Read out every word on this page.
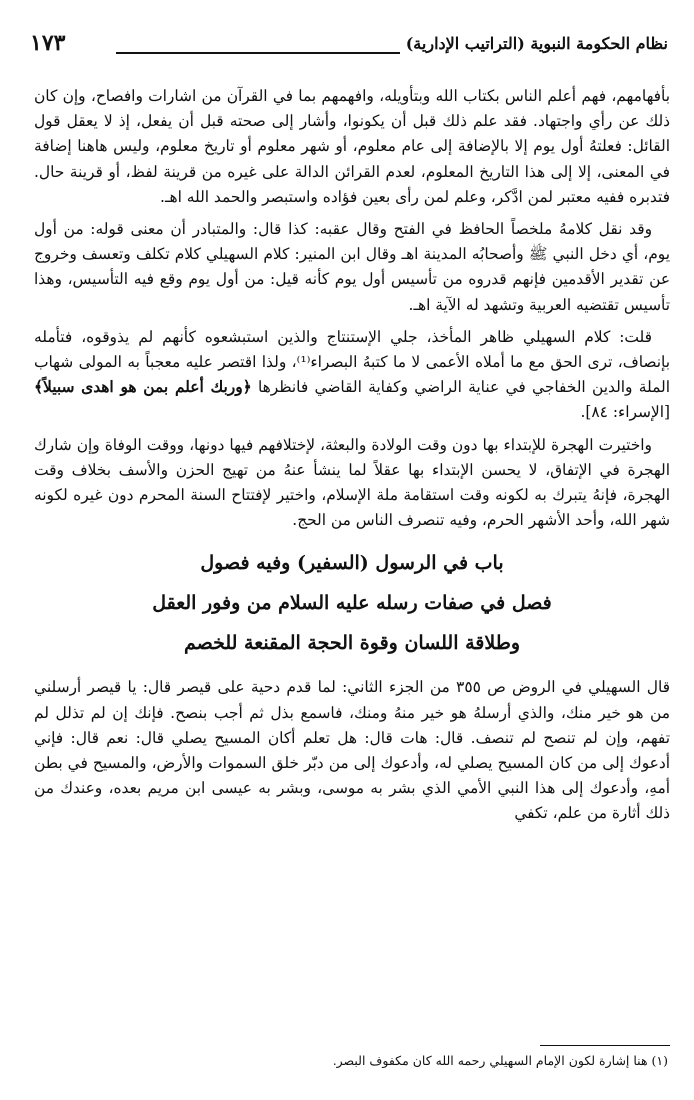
نظام الحكومة النبوية (التراتيب الإدارية)
١٧٣

بأفهامهم، فهم أعلم الناس بكتاب الله وبتأويله، وافهمهم بما في القرآن من اشارات وافصاح، وإن كان ذلك عن رأي واجتهاد. فقد علم ذلك قبل أن يكونوا، وأشار إلى صحته قبل أن يفعل، إذ لا يعقل قول القائل: فعلتهُ أول يوم إلا بالإضافة إلى عام معلوم، أو شهر معلوم أو تاريخ معلوم، وليس هاهنا إضافة في المعنى، إلا إلى هذا التاريخ المعلوم، لعدم القرائن الدالة على غيره من قرينة لفظ، أو قرينة حال. فتدبره ففيه معتبر لمن ادَّكر، وعلم لمن رأى بعين فؤاده واستبصر والحمد الله اهـ.

وقد نقل كلامهُ ملخصاً الحافظ في الفتح وقال عقبه: كذا قال: والمتبادر أن معنى قوله: من أول يوم، أي دخل النبي ﷺ وأصحابُه المدينة اهـ وقال ابن المنير: كلام السهيلي كلام تكلف وتعسف وخروج عن تقدير الأقدمين فإنهم قدروه من تأسيس أول يوم كأنه قيل: من أول يوم وقع فيه التأسيس، وهذا تأسيس تقتضيه العربية وتشهد له الآية اهـ.

قلت: كلام السهيلي ظاهر المأخذ، جلي الإستنتاج والذين استبشعوه كأنهم لم يذوقوه، فتأمله بإنصاف، ترى الحق مع ما أملاه الأعمى لا ما كتبهُ البصراء⁽¹⁾، ولذا اقتصر عليه معجباً به المولى شهاب الملة والدين الخفاجي في عناية الراضي وكفاية القاضي فانظرها ﴿وربك أعلم بمن هو اهدى سبيلاً﴾ [الإسراء: ٨٤].

واختيرت الهجرة للإبتداء بها دون وقت الولادة والبعثة، لإختلافهم فيها دونها، ووقت الوفاة وإن شارك الهجرة في الإتفاق، لا يحسن الإبتداء بها عقلاً لما ينشأ عنهُ من تهيج الحزن والأسف بخلاف وقت الهجرة، فإنهُ يتبرك به لكونه وقت استقامة ملة الإسلام، واختير لإفتتاح السنة المحرم دون غيره لكونه شهر الله، وأحد الأشهر الحرم، وفيه تنصرف الناس من الحج.

باب في الرسول (السفير) وفيه فصول
فصل في صفات رسله عليه السلام من وفور العقل
وطلاقة اللسان وقوة الحجة المقنعة للخصم

قال السهيلي في الروض ص ٣٥٥ من الجزء الثاني: لما قدم دحية على قيصر قال: يا قيصر أرسلني من هو خير منك، والذي أرسلهُ هو خير منهُ ومنك، فاسمع بذل ثم أجب بنصح. فإنك إن لم تذلل لم تفهم، وإن لم تنصح لم تنصف. قال: هات قال: هل تعلم أكان المسيح يصلي قال: نعم قال: فإني أدعوك إلى من كان المسيح يصلي له، وأدعوك إلى من دبّر خلق السموات والأرض، والمسيح في بطن أمهِ، وأدعوك إلى هذا النبي الأمي الذي بشر به موسى، وبشر به عيسى ابن مريم بعده، وعندك من ذلك أثارة من علم، تكفي

(١) هنا إشارة لكون الإمام السهيلي رحمه الله كان مكفوف البصر.
